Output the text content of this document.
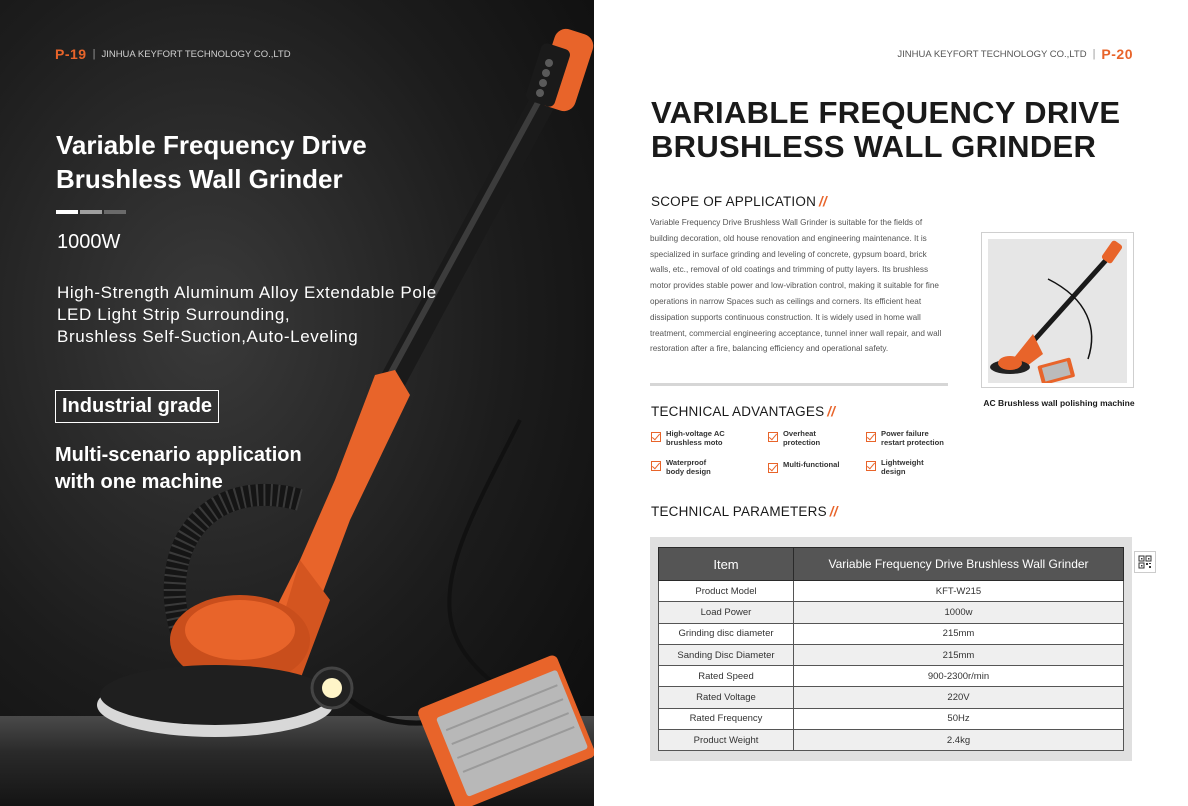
P-19 | JINHUA KEYFORT TECHNOLOGY CO.,LTD
Variable Frequency Drive
Brushless Wall Grinder
1000W
High-Strength Aluminum Alloy Extendable Pole
LED Light Strip Surrounding,
Brushless Self-Suction,Auto-Leveling
Industrial grade
Multi-scenario application
with one machine
JINHUA KEYFORT TECHNOLOGY CO.,LTD | P-20
VARIABLE FREQUENCY DRIVE
BRUSHLESS WALL GRINDER
SCOPE OF APPLICATION //
Variable Frequency Drive Brushless Wall Grinder is suitable for the fields of building decoration, old house renovation and engineering maintenance. It is specialized in surface grinding and leveling of concrete, gypsum board, brick walls, etc., removal of old coatings and trimming of putty layers. Its brushless motor provides stable power and low-vibration control, making it suitable for fine operations in narrow Spaces such as ceilings and corners. Its efficient heat dissipation supports continuous construction. It is widely used in home wall treatment, commercial engineering acceptance, tunnel inner wall repair, and wall restoration after a fire, balancing efficiency and operational safety.
AC Brushless wall polishing machine
TECHNICAL ADVANTAGES //
High-voltage AC
brushless moto
Overheat
protection
Power failure
restart protection
Waterproof
body design
Multi-functional	Lightweight
design
TECHNICAL PARAMETERS //
Item	Variable Frequency Drive Brushless Wall Grinder
Product Model	KFT-W215
Load Power	1000w
Grinding disc diameter	215mm
Sanding Disc Diameter	215mm
Rated Speed	900-2300r/min
Rated Voltage	220V
Rated Frequency	50Hz
Product Weight	2.4kg
